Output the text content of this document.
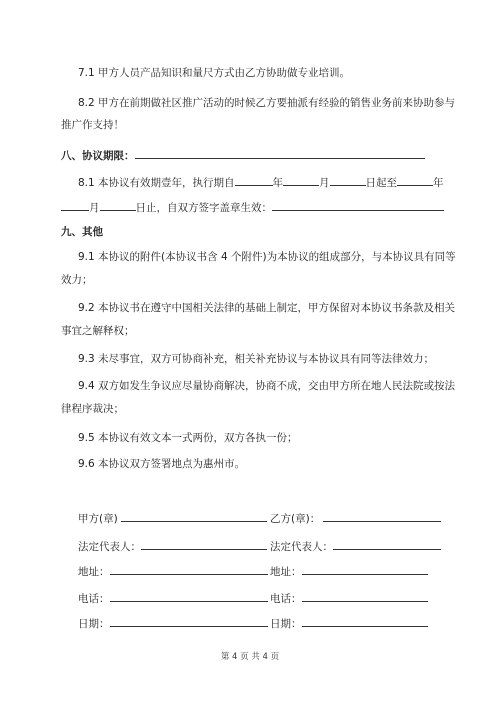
7.1 甲方人员产品知识和量尺方式由乙方协助做专业培训。
8.2 甲方在前期做社区推广活动的时候乙方要抽派有经验的销售业务前来协助参与
推广作支持！
八、协议期限：
8.1 本协议有效期壹年，执行期自	年	月	日起至	年
月	日止，自双方签字盖章生效：
九、其他
9.1 本协议的附件(本协议书含 4 个附件)为本协议的组成部分，与本协议具有同等
效力；
9.2 本协议书在遵守中国相关法律的基础上制定，甲方保留对本协议书条款及相关
事宜之解释权；
9.3 未尽事宜，双方可协商补充，相关补充协议与本协议具有同等法律效力；
9.4 双方如发生争议应尽量协商解决，协商不成，交由甲方所在地人民法院或按法
律程序裁决；
9.5 本协议有效文本一式两份，双方各执一份；
9.6 本协议双方签署地点为惠州市。
甲方(章)	乙方(章)：
法定代表人：	法定代表人：
地址：	地址：
电话：	电话：
日期：	日期：
第 4 页 共 4 页
